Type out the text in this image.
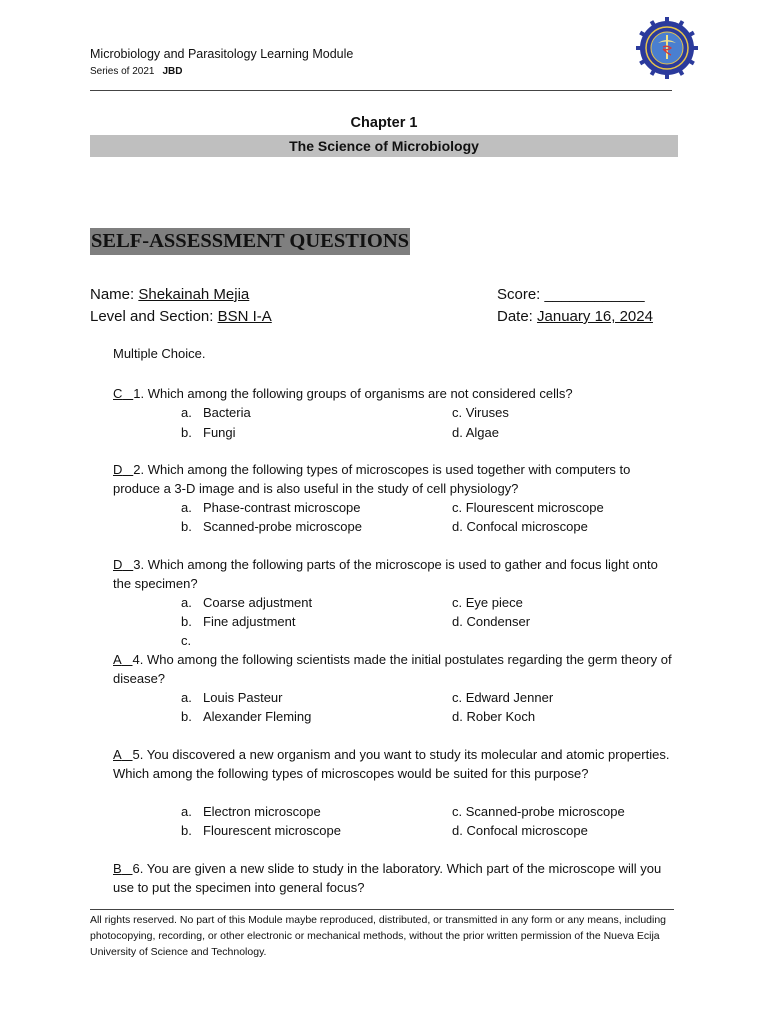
Microbiology and Parasitology Learning Module
Series of 2021 JBD
Chapter 1
The Science of Microbiology
SELF-ASSESSMENT QUESTIONS
Name: Shekainah Mejia
Level and Section: BSN I-A
Score: ____________
Date: January 16, 2024
Multiple Choice.
C 1. Which among the following groups of organisms are not considered cells?
a. Bacteria
b. Fungi
c. Viruses
d. Algae
D 2. Which among the following types of microscopes is used together with computers to produce a 3-D image and is also useful in the study of cell physiology?
a. Phase-contrast microscope
b. Scanned-probe microscope
c. Flourescent microscope
d. Confocal microscope
D 3. Which among the following parts of the microscope is used to gather and focus light onto the specimen?
a. Coarse adjustment
b. Fine adjustment
c.
c. Eye piece
d. Condenser
A 4. Who among the following scientists made the initial postulates regarding the germ theory of disease?
a. Louis Pasteur
b. Alexander Fleming
c. Edward Jenner
d. Rober Koch
A 5. You discovered a new organism and you want to study its molecular and atomic properties. Which among the following types of microscopes would be suited for this purpose?
a. Electron microscope
b. Flourescent microscope
c. Scanned-probe microscope
d. Confocal microscope
B 6. You are given a new slide to study in the laboratory. Which part of the microscope will you use to put the specimen into general focus?
All rights reserved. No part of this Module maybe reproduced, distributed, or transmitted in any form or any means, including photocopying, recording, or other electronic or mechanical methods, without the prior written permission of the Nueva Ecija University of Science and Technology.
